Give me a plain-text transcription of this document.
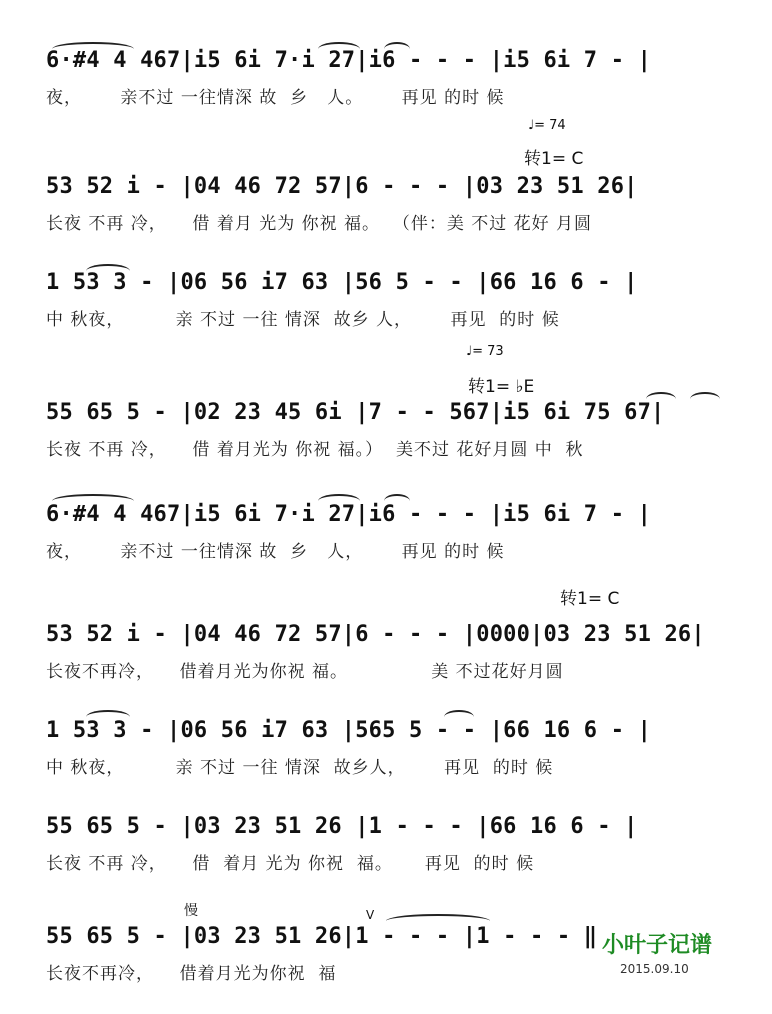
6·#4 4 467|i5 6i 7·i 27|i6 - - - |i5 6i 7 - |
夜，      亲不过 一往情深 故  乡   人。      再见 的时 候
♩= 74
转1= C
53 52 i - |04 46 72 57|6 - - - |03 23 51 26|
长夜 不再 冷，    借 着月 光为 你祝 福。  （伴：美 不过 花好 月圆
1 53 3 - |06 56 i7 63 |56 5 - - |66 16 6 - |
中 秋夜，        亲 不过 一往 情深  故乡 人，      再见  的时 候
♩= 73
转1= ♭E
55 65 5 - |02 23 45 6i |7 - - 567|i5 6i 75 67|
长夜 不再 冷，    借 着月光为 你祝 福。）  美不过 花好月圆 中  秋
6·#4 4 467|i5 6i 7·i 27|i6 - - - |i5 6i 7 - |
夜，      亲不过 一往情深 故  乡   人，      再见 的时 候
转1= C
53 52 i - |04 46 72 57|6 - - - |0000|03 23 51 26|
长夜不再冷，    借着月光为你祝 福。             美 不过花好月圆
1 53 3 - |06 56 i7 63 |565 5 - - |66 16 6 - |
中 秋夜，        亲 不过 一往 情深  故乡人，      再见  的时 候
55 65 5 - |03 23 51 26 |1 - - - |66 16 6 - |
长夜 不再 冷，    借  着月 光为 你祝  福。     再见  的时 候
慢	V
55 65 5 - |03 23 51 26|1 - - - |1 - - - ‖
长夜不再冷，    借着月光为你祝  福
小叶子记谱
2015.09.10
